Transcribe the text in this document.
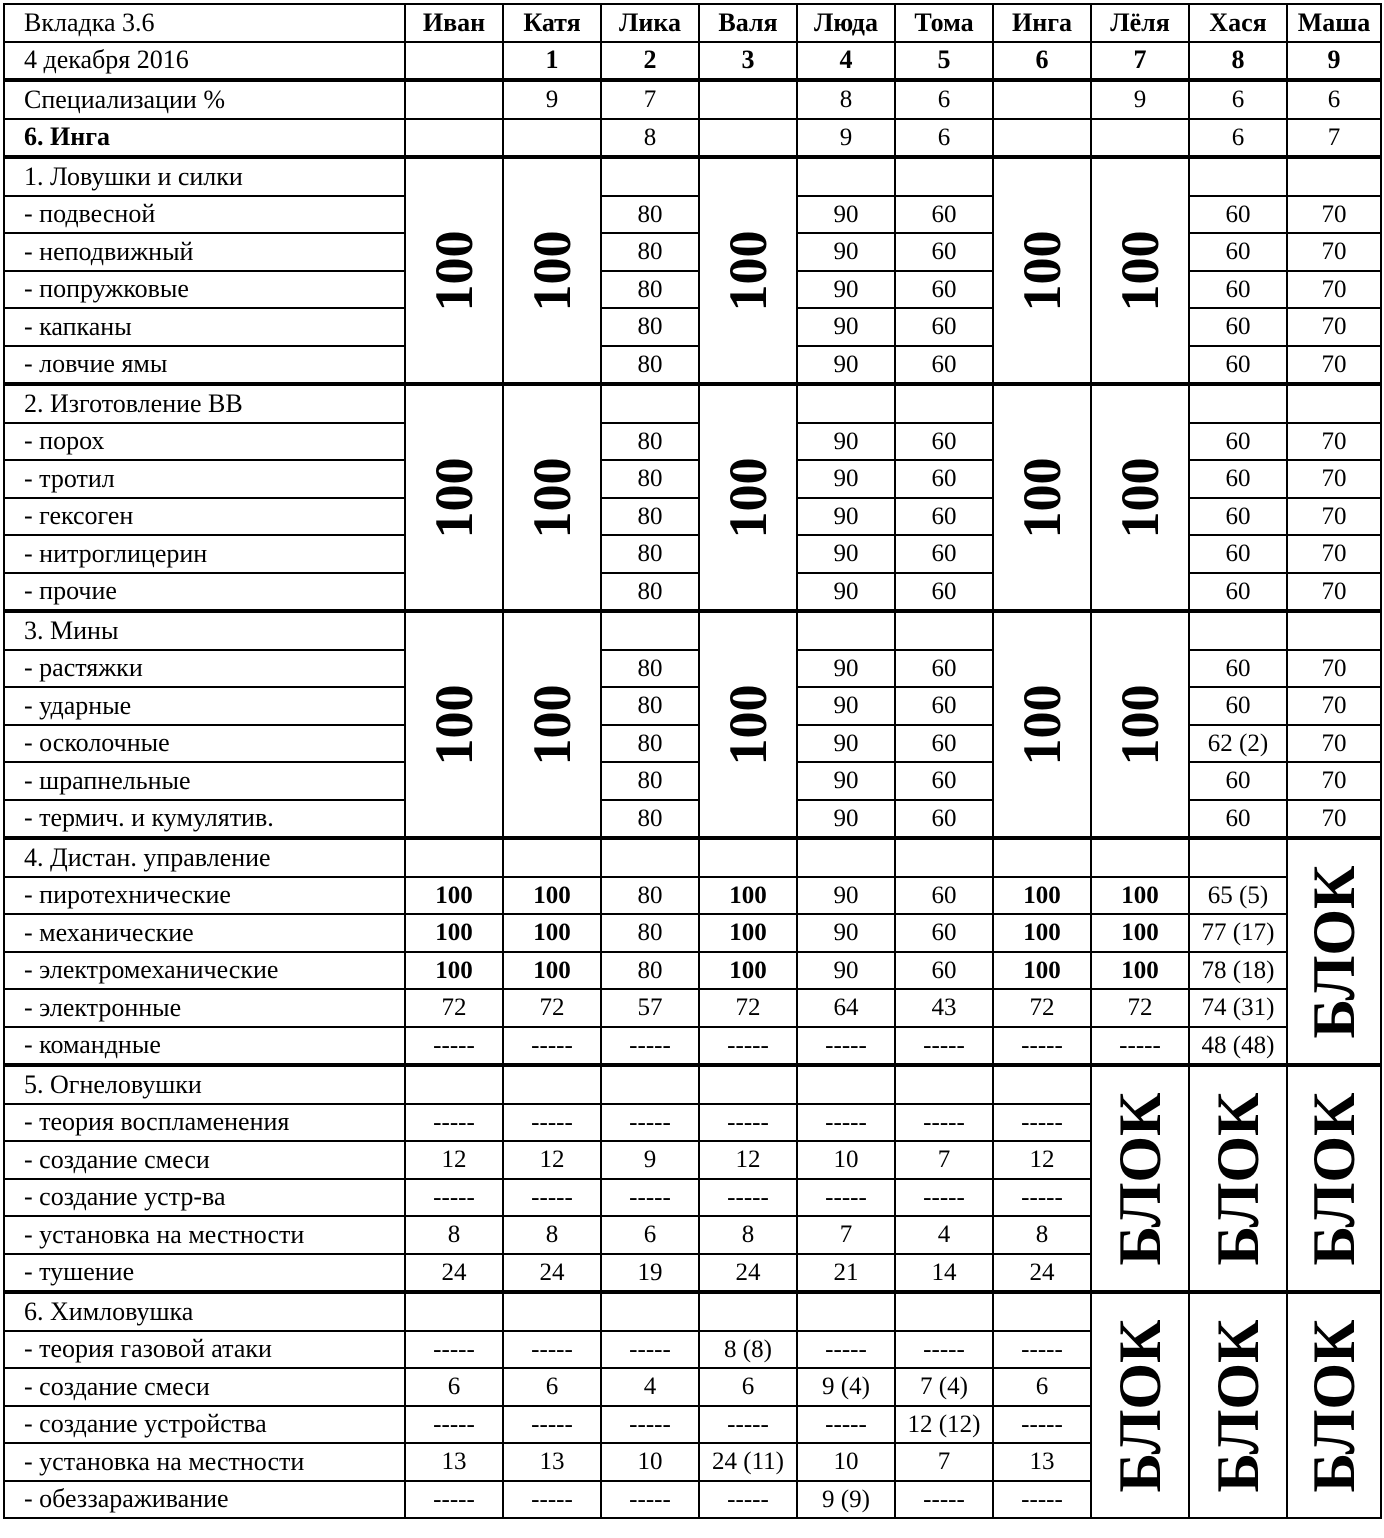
Вкладка 3.6	Иван	Катя	Лика	Валя	Люда	Тома	Инга	Лёля	Хася	Маша
4 декабря 2016		1	2	3	4	5	6	7	8	9
Специализации %		9	7		8	6		9	6	6
6. Инга			8		9	6			6	7
1. Ловушки и силки	100	100		100			100	100		

- подвесной			80		90	60			60	70
- неподвижный			80		90	60			60	70
- попружковые			80		90	60			60	70
- капканы			80		90	60			60	70
- ловчие ямы			80		90	60			60	70
2. Изготовление ВВ	100	100		100			100	100		

- порох			80		90	60			60	70
- тротил			80		90	60			60	70
- гексоген			80		90	60			60	70
- нитроглицерин			80		90	60			60	70
- прочие			80		90	60			60	70
3. Мины	100	100		100			100	100		

- растяжки			80		90	60			60	70
- ударные			80		90	60			60	70
- осколочные			80		90	60			62 (2)	70
- шрапнельные			80		90	60			60	70
- термич. и кумулятив.			80		90	60			60	70
4. Дистан. управление										БЛОК

- пиротехнические	100	100	80	100	90	60	100	100	65 (5)	
- механические	100	100	80	100	90	60	100	100	77 (17)	
- электромеханические	100	100	80	100	90	60	100	100	78 (18)	
- электронные	72	72	57	72	64	43	72	72	74 (31)	
- командные	-----	-----	-----	-----	-----	-----	-----	-----	48 (48)	
5. Огнеловушки								БЛОК	БЛОК	БЛОК

- теория воспламенения	-----	-----	-----	-----	-----	-----	-----			
- создание смеси	12	12	9	12	10	7	12			
- создание устр-ва	-----	-----	-----	-----	-----	-----	-----			
- установка на местности	8	8	6	8	7	4	8			
- тушение	24	24	19	24	21	14	24			
6. Химловушка								БЛОК	БЛОК	БЛОК

- теория газовой атаки	-----	-----	-----	8 (8)	-----	-----	-----			
- создание смеси	6	6	4	6	9 (4)	7 (4)	6			
- создание устройства	-----	-----	-----	-----	-----	12 (12)	-----			
- установка на местности	13	13	10	24 (11)	10	7	13			
- обеззараживание	-----	-----	-----	-----	9 (9)	-----	-----			
